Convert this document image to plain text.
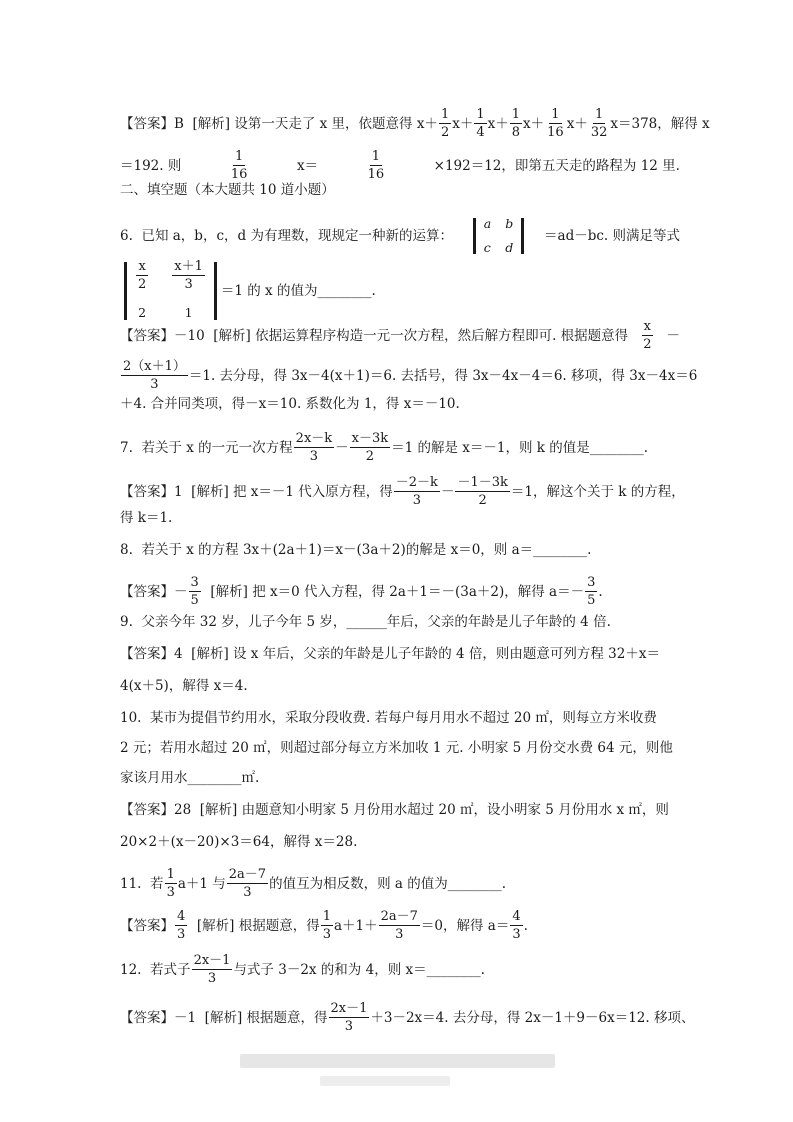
【答案】B  [解析] 设第一天走了 x 里，依题意得 $x+ \frac{1}{2} x+ \frac{1}{4} x+ \frac{1}{8} x+ \frac{1}{16} x+ \frac{1}{32} x=378$，解得 x
＝192. 则	$\frac{1}{16}$	x＝	$\frac{1}{16}$	×192＝12，即第五天走的路程为 12 里.
二、填空题（本大题共 10 道小题）
6.  已知 a，b，c，d 为有理数，现规定一种新的运算：
a b
c d
＝ad－bc. 则满足等式
$\frac{x}{2} \frac{x+1}{3}$
2	1
＝1 的 x 的值为________.
【答案】－10  [解析] 依据运算程序构造一元一次方程，然后解方程即可. 根据题意得 $\frac{x}{2}$ －
$\frac{2(x+1)}{3} =1$. 去分母，得 3x－4(x＋1)＝6. 去括号，得 3x－4x－4＝6. 移项，得 3x－4x＝6
＋4. 合并同类项，得－x＝10. 系数化为 1，得 x＝－10.
7.  若关于 x 的一元一次方程 $\frac{2x-k}{3} - \frac{x-3k}{2} =1$ 的解是 x＝－1，则 k 的值是________.
【答案】1  [解析] 把 x＝－1 代入原方程，得 $\frac{-2-k}{3} - \frac{-1-3k}{2} =1$，解这个关于 k 的方程，
得 k＝1.
8.  若关于 x 的方程 3x＋(2a＋1)＝x－(3a＋2)的解是 x＝0，则 a＝________.
【答案】－ $\frac{3}{5}$ [解析] 把 x＝0 代入方程，得 2a＋1＝－(3a＋2)，解得 $a=- \frac{3}{5}$ .
9.  父亲今年 32 岁，儿子今年 5 岁，______年后，父亲的年龄是儿子年龄的 4 倍.
【答案】4  [解析] 设 x 年后，父亲的年龄是儿子年龄的 4 倍，则由题意可列方程 32＋x＝
4(x＋5)，解得 x＝4.
10.  某市为提倡节约用水，采取分段收费. 若每户每月用水不超过 20 ㎡，则每立方米收费
2 元；若用水超过 20 ㎡，则超过部分每立方米加收 1 元. 小明家 5 月份交水费 64 元，则他
家该月用水________㎡.
【答案】28  [解析] 由题意知小明家 5 月份用水超过 20 ㎡，设小明家 5 月份用水 x ㎡，则
20×2＋(x－20)×3＝64，解得 x＝28.
11.  若 $\frac{1}{3} a+1$ 与 $\frac{2a-7}{3}$ 的值互为相反数，则 a 的值为________.
【答案】 $\frac{4}{3}$ [解析] 根据题意，得 $\frac{1}{3} a+1+ \frac{2a-7}{3} =0$，解得 $a= \frac{4}{3}$ .
12.  若式子 $\frac{2x-1}{3}$ 与式子 3－2x 的和为 4，则 x＝________.
【答案】－1  [解析] 根据题意，得 $\frac{2x-1}{3} +3-2x=4$. 去分母，得 2x－1＋9－6x＝12. 移项、
